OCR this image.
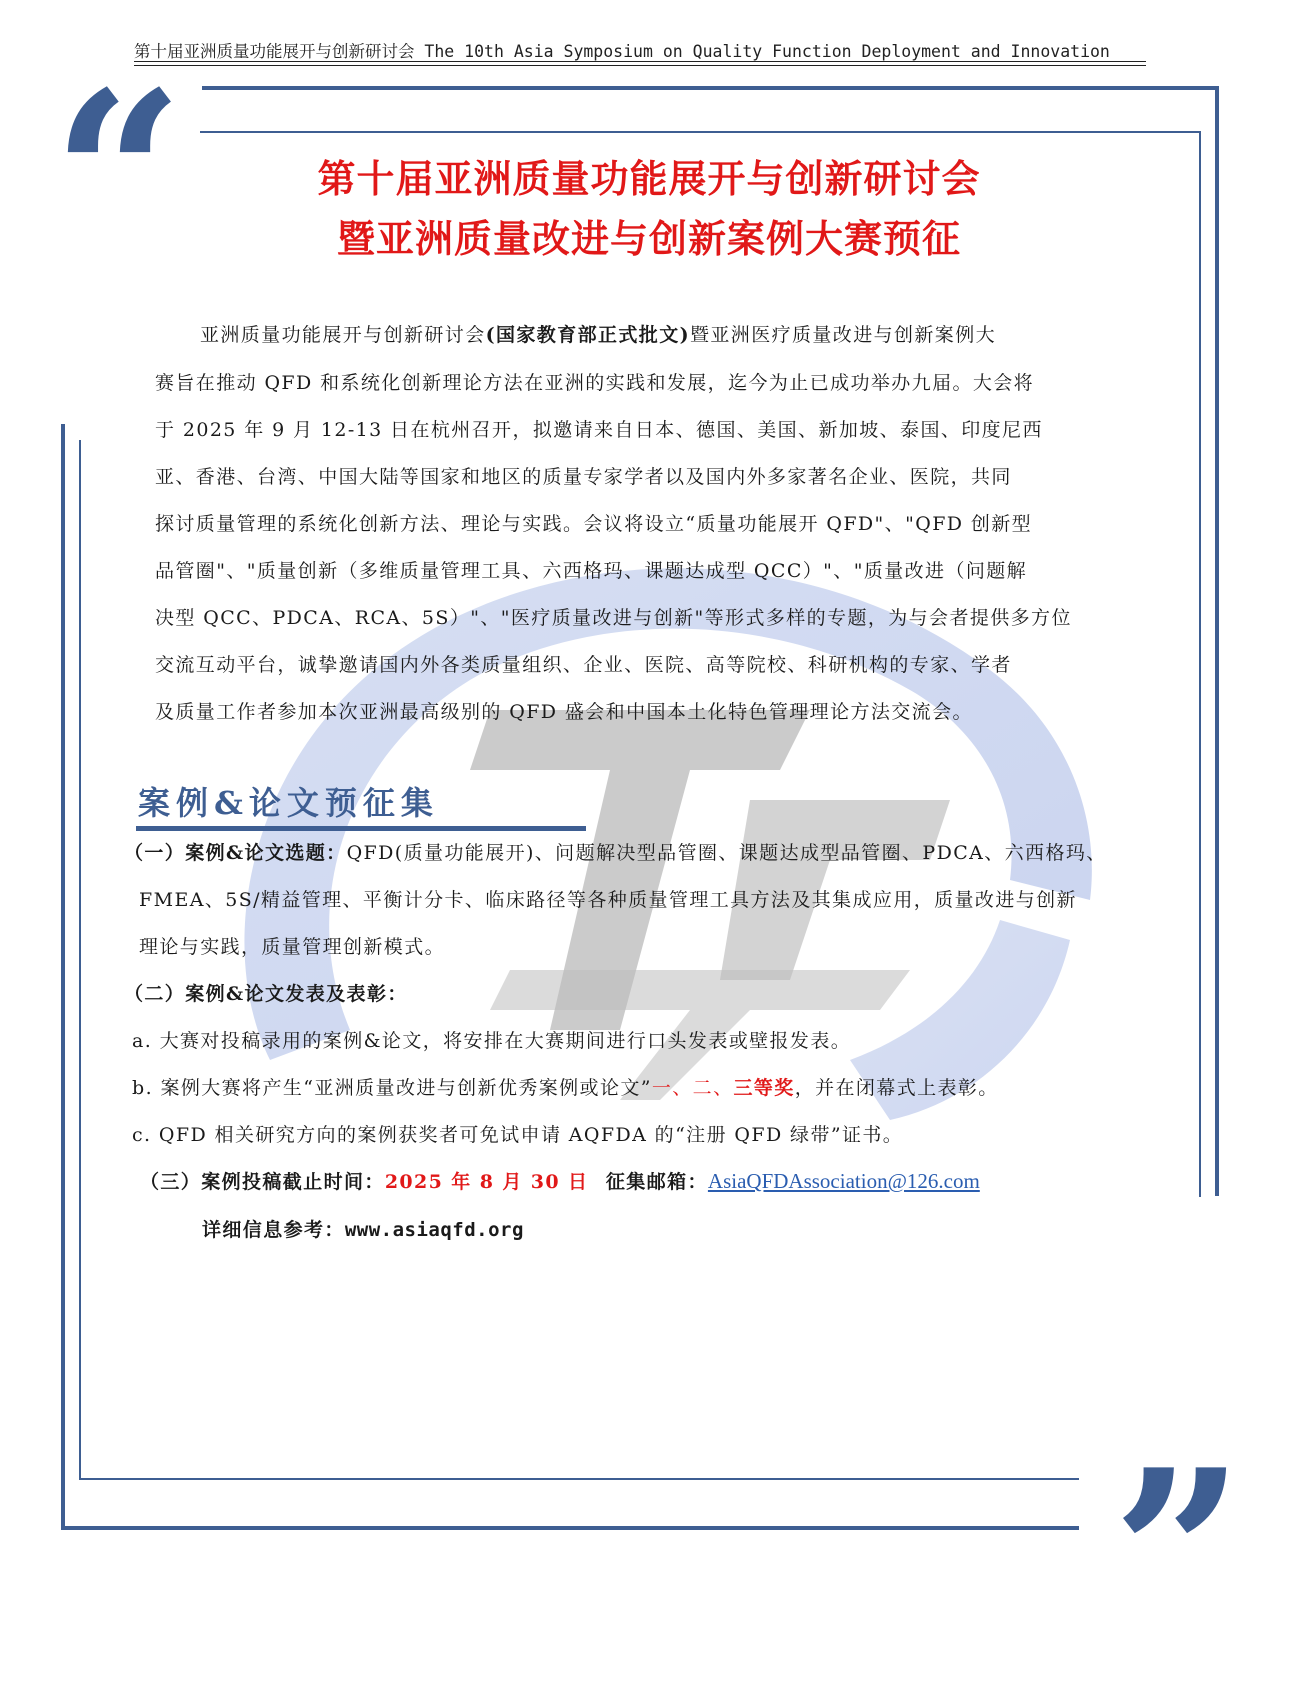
第十届亚洲质量功能展开与创新研讨会 The 10th Asia Symposium on Quality Function Deployment and Innovation
“
”
第十届亚洲质量功能展开与创新研讨会
暨亚洲质量改进与创新案例大赛预征
亚洲质量功能展开与创新研讨会(国家教育部正式批文)暨亚洲医疗质量改进与创新案例大
赛旨在推动 QFD 和系统化创新理论方法在亚洲的实践和发展，迄今为止已成功举办九届。大会将
于 2025 年 9 月 12-13 日在杭州召开，拟邀请来自日本、德国、美国、新加坡、泰国、印度尼西
亚、香港、台湾、中国大陆等国家和地区的质量专家学者以及国内外多家著名企业、医院，共同
探讨质量管理的系统化创新方法、理论与实践。会议将设立“质量功能展开 QFD"、"QFD 创新型
品管圈"、"质量创新（多维质量管理工具、六西格玛、课题达成型 QCC）"、"质量改进（问题解
决型 QCC、PDCA、RCA、5S）"、"医疗质量改进与创新"等形式多样的专题，为与会者提供多方位
交流互动平台，诚挚邀请国内外各类质量组织、企业、医院、高等院校、科研机构的专家、学者
及质量工作者参加本次亚洲最高级别的 QFD 盛会和中国本土化特色管理理论方法交流会。
案例&论文预征集
（一）案例&论文选题：QFD(质量功能展开)、问题解决型品管圈、课题达成型品管圈、PDCA、六西格玛、
FMEA、5S/精益管理、平衡计分卡、临床路径等各种质量管理工具方法及其集成应用，质量改进与创新
理论与实践，质量管理创新模式。
（二）案例&论文发表及表彰：
a. 大赛对投稿录用的案例&论文，将安排在大赛期间进行口头发表或壁报发表。
b. 案例大赛将产生“亚洲质量改进与创新优秀案例或论文”一、二、三等奖，并在闭幕式上表彰。
c. QFD 相关研究方向的案例获奖者可免试申请 AQFDA 的“注册 QFD 绿带”证书。
（三）案例投稿截止时间：2025 年 8 月 30 日 征集邮箱：AsiaQFDAssociation@126.com
详细信息参考：www.asiaqfd.org
